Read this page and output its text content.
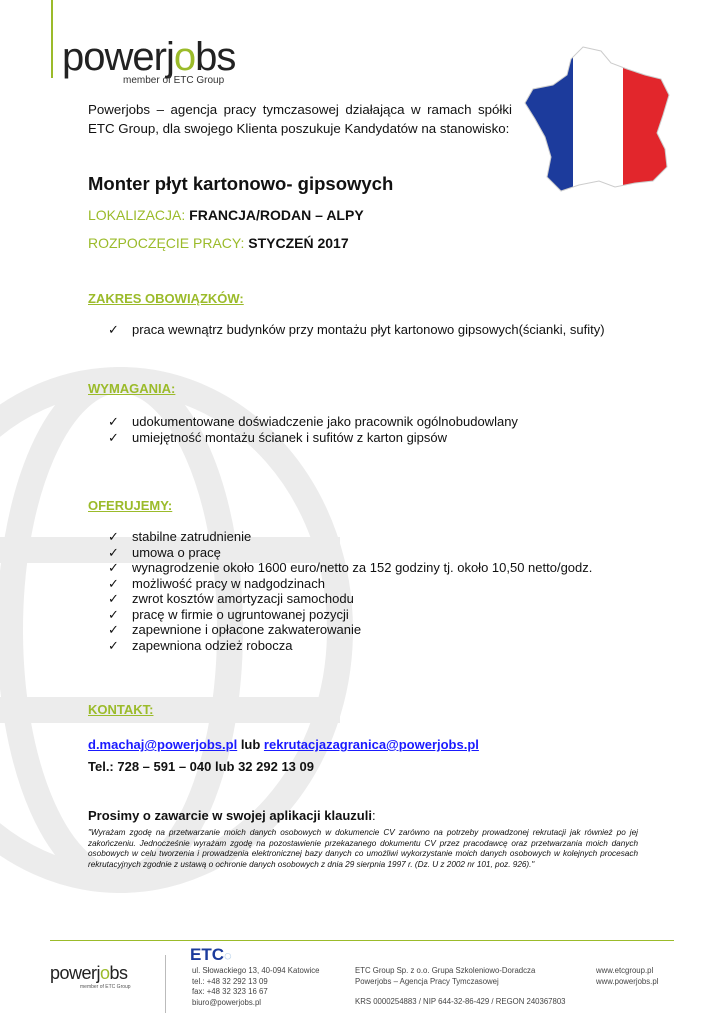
powerjobs
member of ETC Group
Powerjobs – agencja pracy tymczasowej działająca w ramach spółki ETC Group, dla swojego Klienta poszukuje Kandydatów na stanowisko:
Monter płyt kartonowo- gipsowych
LOKALIZACJA: FRANCJA/RODAN – ALPY
ROZPOCZĘCIE PRACY: STYCZEŃ 2017
ZAKRES OBOWIĄZKÓW:
✓ praca wewnątrz budynków przy montażu płyt kartonowo gipsowych(ścianki, sufity)
WYMAGANIA:
✓ udokumentowane doświadczenie jako pracownik ogólnobudowlany
✓ umiejętność montażu ścianek i sufitów z karton gipsów
OFERUJEMY:
✓ stabilne zatrudnienie
✓ umowa o pracę
✓ wynagrodzenie około 1600 euro/netto za 152 godziny tj. około 10,50 netto/godz.
✓ możliwość pracy w nadgodzinach
✓ zwrot kosztów amortyzacji samochodu
✓ pracę w firmie o ugruntowanej pozycji
✓ zapewnione i opłacone zakwaterowanie
✓ zapewniona odzież robocza
KONTAKT:
d.machaj@powerjobs.pl lub rekrutacjazagranica@powerjobs.pl
Tel.: 728 – 591 – 040 lub 32 292 13 09
Prosimy o zawarcie w swojej aplikacji klauzuli:
"Wyrażam zgodę na przetwarzanie moich danych osobowych w dokumencie CV zarówno na potrzeby prowadzonej rekrutacji jak również po jej zakończeniu. Jednocześnie wyrażam zgodę na pozostawienie przekazanego dokumentu CV przez pracodawcę oraz przetwarzania moich danych osobowych w celu tworzenia i prowadzenia elektronicznej bazy danych co umożliwi wykorzystanie moich danych osobowych w kolejnych procesach rekrutacyjnych zgodnie z ustawą o ochronie danych osobowych z dnia 29 sierpnia 1997 r. (Dz. U z 2002 nr 101, poz. 926)."
powerjobs
member of ETC Group
ETC◌
ul. Słowackiego 13, 40-094 Katowice
tel.: +48 32 292 13 09
fax: +48 32 323 16 67
biuro@powerjobs.pl
ETC Group Sp. z o.o. Grupa Szkoleniowo-Doradcza
Powerjobs – Agencja Pracy Tymczasowej
KRS 0000254883 / NIP 644-32-86-429 / REGON 240367803
www.etcgroup.pl
www.powerjobs.pl
